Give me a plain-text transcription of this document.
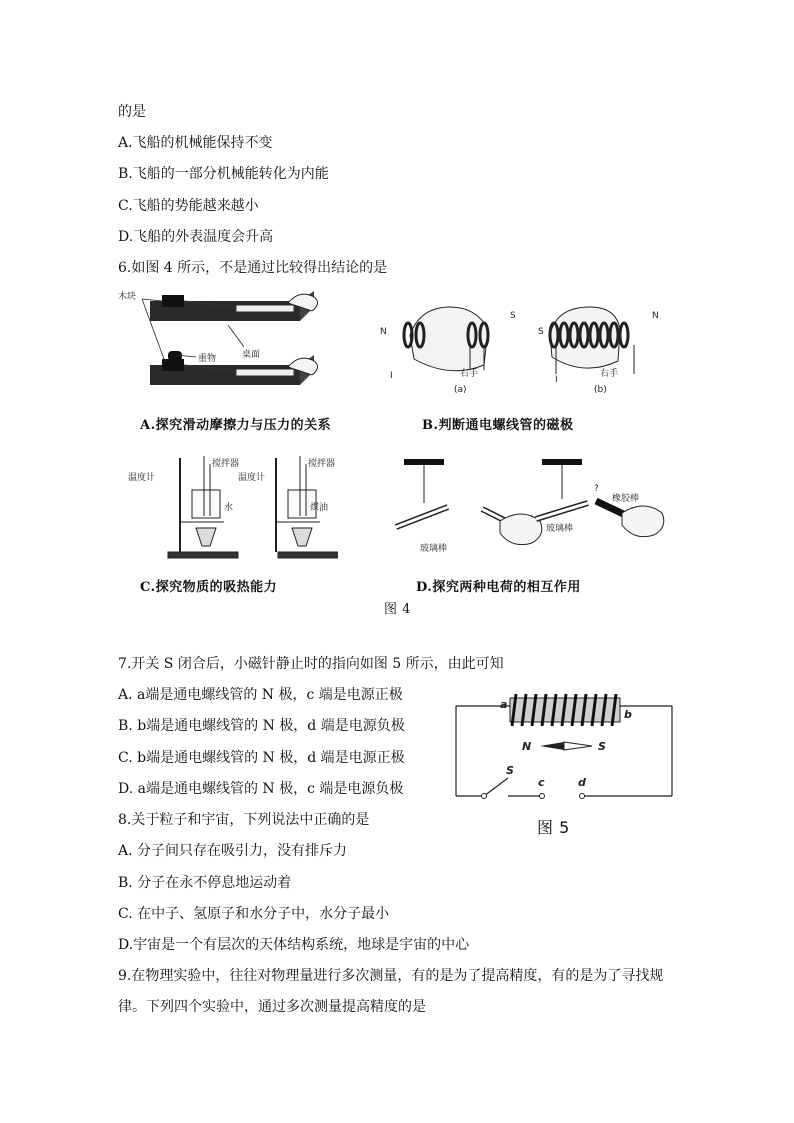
的是
A.飞船的机械能保持不变
B.飞船的一部分机械能转化为内能
C.飞船的势能越来越小
D.飞船的外表温度会升高
6.如图 4 所示，不是通过比较得出结论的是
木块
重物	桌面
A.探究滑动摩擦力与压力的关系
N
S
S
N
右手	右手
I	I
(a)	(b)
B.判断通电螺线管的磁极
搅拌器	搅拌器
温度计	温度计
水	煤油
C.探究物质的吸热能力
玻璃棒
玻璃棒
?
橡胶棒
D.探究两种电荷的相互作用
图 4
7.开关 S 闭合后，小磁针静止时的指向如图 5 所示，由此可知
A. a端是通电螺线管的 N 极，c 端是电源正极
B. b端是通电螺线管的 N 极，d 端是电源负极
C. b端是通电螺线管的 N 极，d 端是电源正极
D. a端是通电螺线管的 N 极，c 端是电源负极
a
b
N	S
S
c	d
图 5
8.关于粒子和宇宙，下列说法中正确的是
A. 分子间只存在吸引力，没有排斥力
B. 分子在永不停息地运动着
C. 在中子、氢原子和水分子中，水分子最小
D.宇宙是一个有层次的天体结构系统，地球是宇宙的中心
9.在物理实验中，往往对物理量进行多次测量，有的是为了提高精度，有的是为了寻找规
律。下列四个实验中，通过多次测量提高精度的是
